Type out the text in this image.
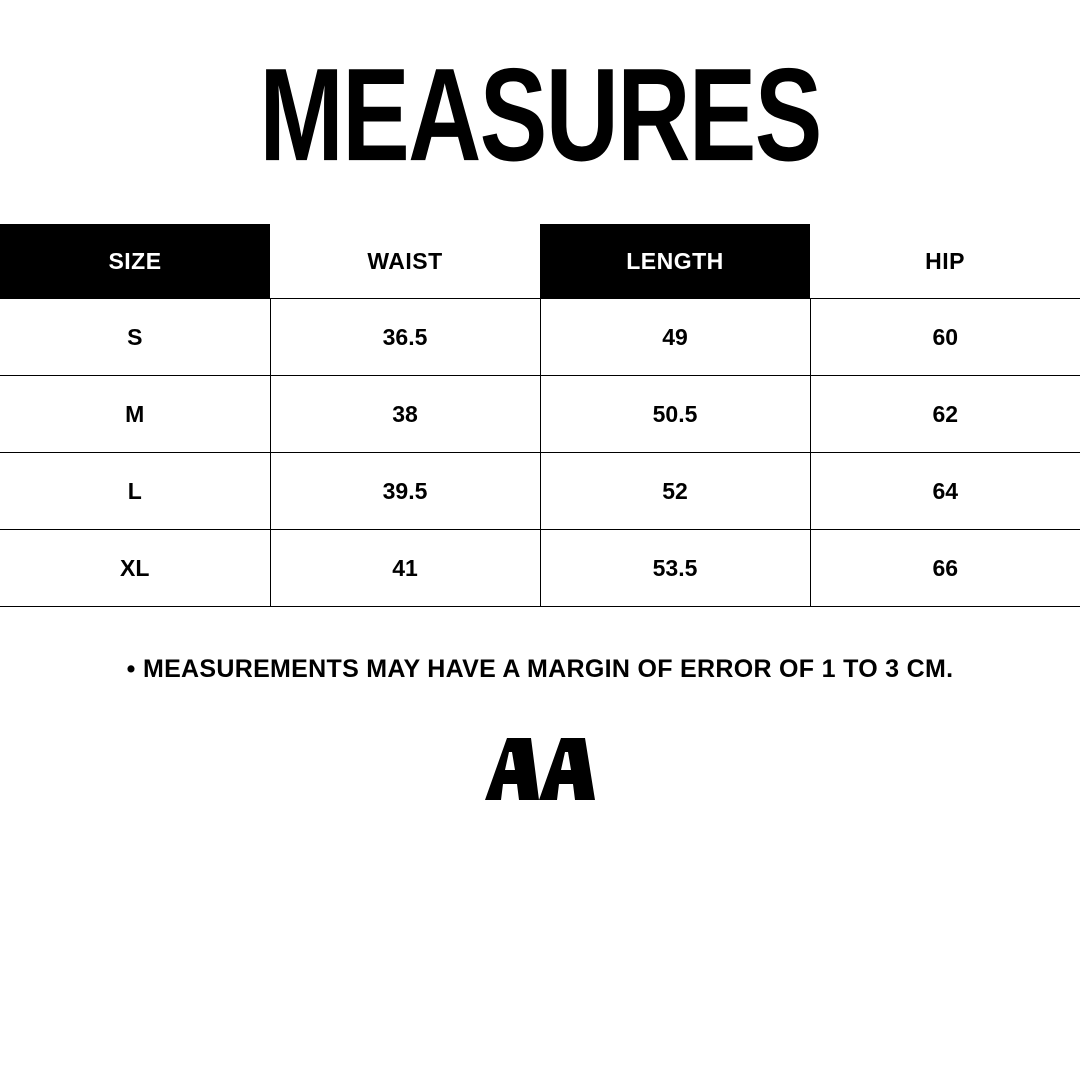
MEASURES
SIZE	WAIST	LENGTH	HIP
S	36.5	49	60
M	38	50.5	62
L	39.5	52	64
XL	41	53.5	66
• MEASUREMENTS MAY HAVE A MARGIN OF ERROR OF 1 TO 3 CM.
